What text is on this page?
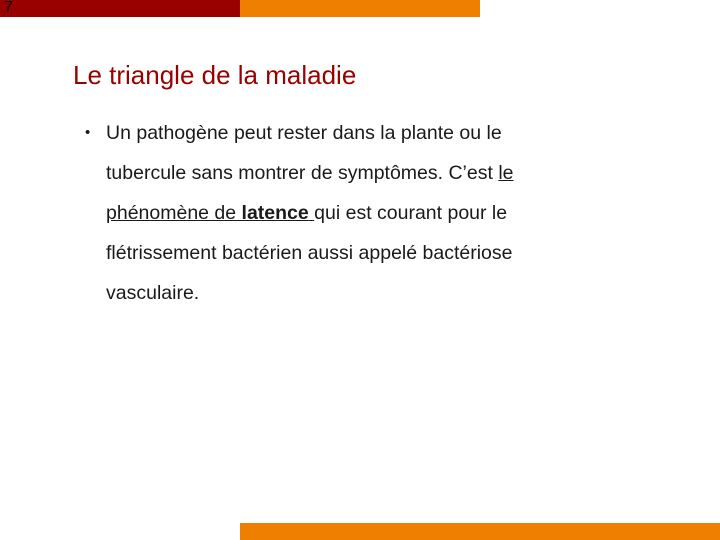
7
Le triangle de la maladie
• Un pathogène peut rester dans la plante ou le
tubercule sans montrer de symptômes. C’est le
phénomène de latence qui est courant pour le
flétrissement bactérien aussi appelé bactériose
vasculaire.
